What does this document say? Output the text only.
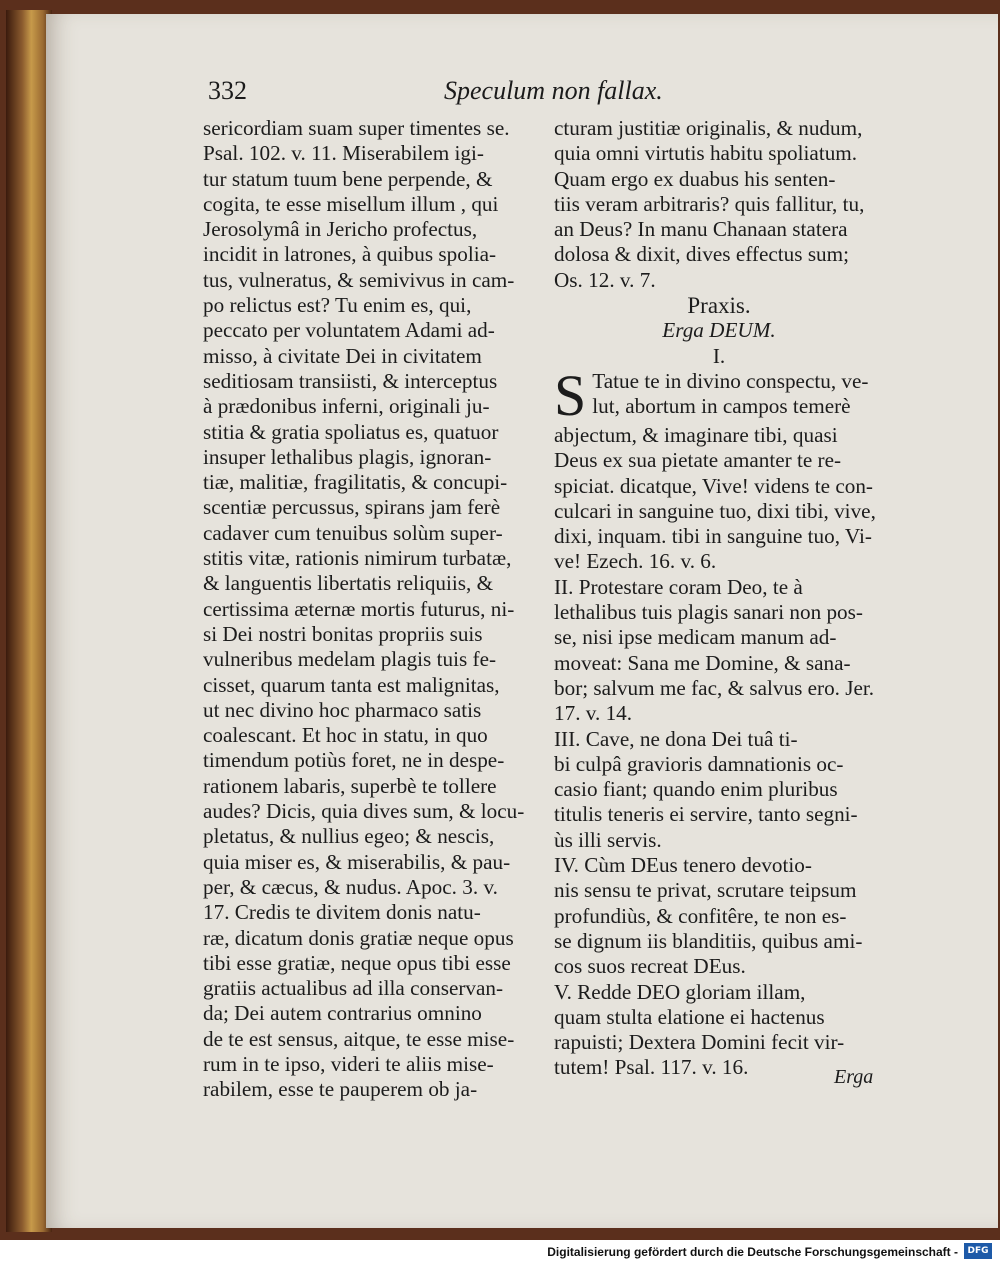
332	Speculum non fallax.
sericordiam suam super timentes se.
Psal. 102. v. 11. Miserabilem igi-
tur statum tuum bene perpende, &
cogita, te esse misellum illum , qui
Jerosolymâ in Jericho profectus,
incidit in latrones, à quibus spolia-
tus, vulneratus, & semivivus in cam-
po relictus est? Tu enim es, qui,
peccato per voluntatem Adami ad-
misso, à civitate Dei in civitatem
seditiosam transiisti, & interceptus
à prædonibus inferni, originali ju-
stitia & gratia spoliatus es, quatuor
insuper lethalibus plagis, ignoran-
tiæ, malitiæ, fragilitatis, & concupi-
scentiæ percussus, spirans jam ferè
cadaver cum tenuibus solùm super-
stitis vitæ, rationis nimirum turbatæ,
& languentis libertatis reliquiis, &
certissima æternæ mortis futurus, ni-
si Dei nostri bonitas propriis suis
vulneribus medelam plagis tuis fe-
cisset, quarum tanta est malignitas,
ut nec divino hoc pharmaco satis
coalescant. Et hoc in statu, in quo
timendum potiùs foret, ne in despe-
rationem labaris, superbè te tollere
audes? Dicis, quia dives sum, & locu-
pletatus, & nullius egeo; & nescis,
quia miser es, & miserabilis, & pau-
per, & cæcus, & nudus. Apoc. 3. v.
17. Credis te divitem donis natu-
ræ, dicatum donis gratiæ neque opus
tibi esse gratiæ, neque opus tibi esse
gratiis actualibus ad illa conservan-
da; Dei autem contrarius omnino
de te est sensus, aitque, te esse mise-
rum in te ipso, videri te aliis mise-
rabilem, esse te pauperem ob ja-
cturam justitiæ originalis, & nudum,
quia omni virtutis habitu spoliatum.
Quam ergo ex duabus his senten-
tiis veram arbitraris? quis fallitur, tu,
an Deus? In manu Chanaan statera
dolosa & dixit, dives effectus sum;
Os. 12. v. 7.
Praxis.
Erga DEUM.
I.
S Tatue te in divino conspectu, ve-
lut, abortum in campos temerè
abjectum, & imaginare tibi, quasi
Deus ex sua pietate amanter te re-
spiciat. dicatque, Vive! videns te con-
culcari in sanguine tuo, dixi tibi, vive,
dixi, inquam. tibi in sanguine tuo, Vi-
ve! Ezech. 16. v. 6.
II. Protestare coram Deo, te à
lethalibus tuis plagis sanari non pos-
se, nisi ipse medicam manum ad-
moveat: Sana me Domine, & sana-
bor; salvum me fac, & salvus ero. Jer.
17. v. 14.
III. Cave, ne dona Dei tuâ ti-
bi culpâ gravioris damnationis oc-
casio fiant; quando enim pluribus
titulis teneris ei servire, tanto segni-
ùs illi servis.
IV. Cùm DEus tenero devotio-
nis sensu te privat, scrutare teipsum
profundiùs, & confitêre, te non es-
se dignum iis blanditiis, quibus ami-
cos suos recreat DEus.
V. Redde DEO gloriam illam,
quam stulta elatione ei hactenus
rapuisti; Dextera Domini fecit vir-
tutem! Psal. 117. v. 16.	Erga
Digitalisierung gefördert durch die Deutsche Forschungsgemeinschaft -	DFG
